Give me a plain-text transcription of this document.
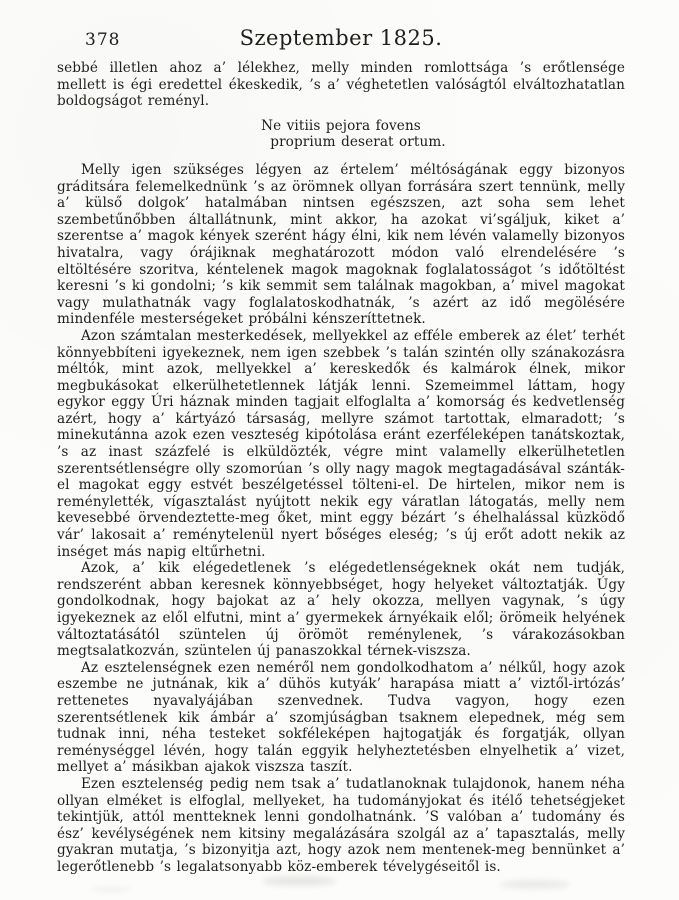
378	Szeptember 1825.

sebbé illetlen ahoz a’ lélekhez, melly minden romlottsága ’s erőtlensége mellett is égi eredettel ékeskedik, ’s a’ véghetetlen valóságtól elváltozhatatlan boldogságot reményl.

Ne vitiis pejora fovens
proprium deserat ortum.

Melly igen szükséges légyen az értelem’ méltóságának eggy bizonyos gráditsára felemelkednünk ’s az örömnek ollyan forrására szert tennünk, melly a’ külső dolgok’ hatalmában nintsen egészszen, azt soha sem lehet szembetűnőbben általlátnunk, mint akkor, ha azokat vi’sgáljuk, kiket a’ szerentse a’ magok kények szerént hágy élni, kik nem lévén valamelly bizonyos hivatalra, vagy órájiknak meghatározott módon való elrendelésére ’s eltöltésére szoritva, kéntelenek magok magoknak foglalatosságot ’s időtöltést keresni ’s ki gondolni; ’s kik semmit sem találnak magokban, a’ mivel magokat vagy mulathatnák vagy foglalatoskodhatnák, ’s azért az idő megölésére mindenféle mesterségeket próbálni kénszeríttetnek.

Azon számtalan mesterkedések, mellyekkel az efféle emberek az élet’ terhét könnyebbíteni igyekeznek, nem igen szebbek ’s talán szintén olly szánakozásra méltók, mint azok, mellyekkel a’ kereskedők és kalmárok élnek, mikor megbukásokat elkerülhetetlennek látják lenni. Szemeimmel láttam, hogy egykor eggy Úri háznak minden tagjait elfoglalta a’ komorság és kedvetlenség azért, hogy a’ kártyázó társaság, mellyre számot tartottak, elmaradott; ’s minekutánna azok ezen veszteség kipótolása eránt ezerféleképen tanátskoztak, ’s az inast százfelé is elküldözték, végre mint valamelly elkerülhetetlen szerentsétlenségre olly szomorúan ’s olly nagy magok megtagadásával szánták-el magokat eggy estvét beszélgetéssel tölteni-el. De hirtelen, mikor nem is reménylették, vígasztalást nyújtott nekik egy váratlan látogatás, melly nem kevesebbé örvendeztette-meg őket, mint eggy bézárt ’s éhelhalással küzködő vár’ lakosait a’ reménytelenül nyert bőséges eleség; ’s új erőt adott nekik az inséget más napig eltűrhetni.

Azok, a’ kik elégedetlenek ’s elégedetlenségeknek okát nem tudják, rendszerént abban keresnek könnyebbséget, hogy helyeket változtatják. Úgy gondolkodnak, hogy bajokat az a’ hely okozza, mellyen vagynak, ’s úgy igyekeznek az elől elfutni, mint a’ gyermekek árnyékaik elől; örömeik helyének változtatásától szüntelen új örömöt reménylenek, ’s várakozásokban megtsalatkozván, szüntelen új panaszokkal térnek-viszsza.

Az esztelenségnek ezen neméről nem gondolkodhatom a’ nélkűl, hogy azok eszembe ne jutnának, kik a’ dühös kutyák’ harapása miatt a’ viztől-irtózás’ rettenetes nyavalyájában szenvednek. Tudva vagyon, hogy ezen szerentsétlenek kik ámbár a’ szomjúságban tsaknem elepednek, még sem tudnak inni, néha testeket sokféleképen hajtogatják és forgatják, ollyan reménységgel lévén, hogy talán eggyik helyheztetésben elnyelhetik a’ vizet, mellyet a’ másikban ajakok viszsza taszít.

Ezen esztelenség pedig nem tsak a’ tudatlanoknak tulajdonok, hanem néha ollyan elméket is elfoglal, mellyeket, ha tudományjokat és itélő tehetségjeket tekintjük, attól mentteknek lenni gondolhatnánk. ’S valóban a’ tudomány és ész’ kevélységének nem kitsiny megalázására szolgál az a’ tapasztalás, melly gyakran mutatja, ’s bizonyitja azt, hogy azok nem mentenek-meg bennünket a’ legerőtlenebb ’s legalatsonyabb köz-emberek tévelygéseitől is.
